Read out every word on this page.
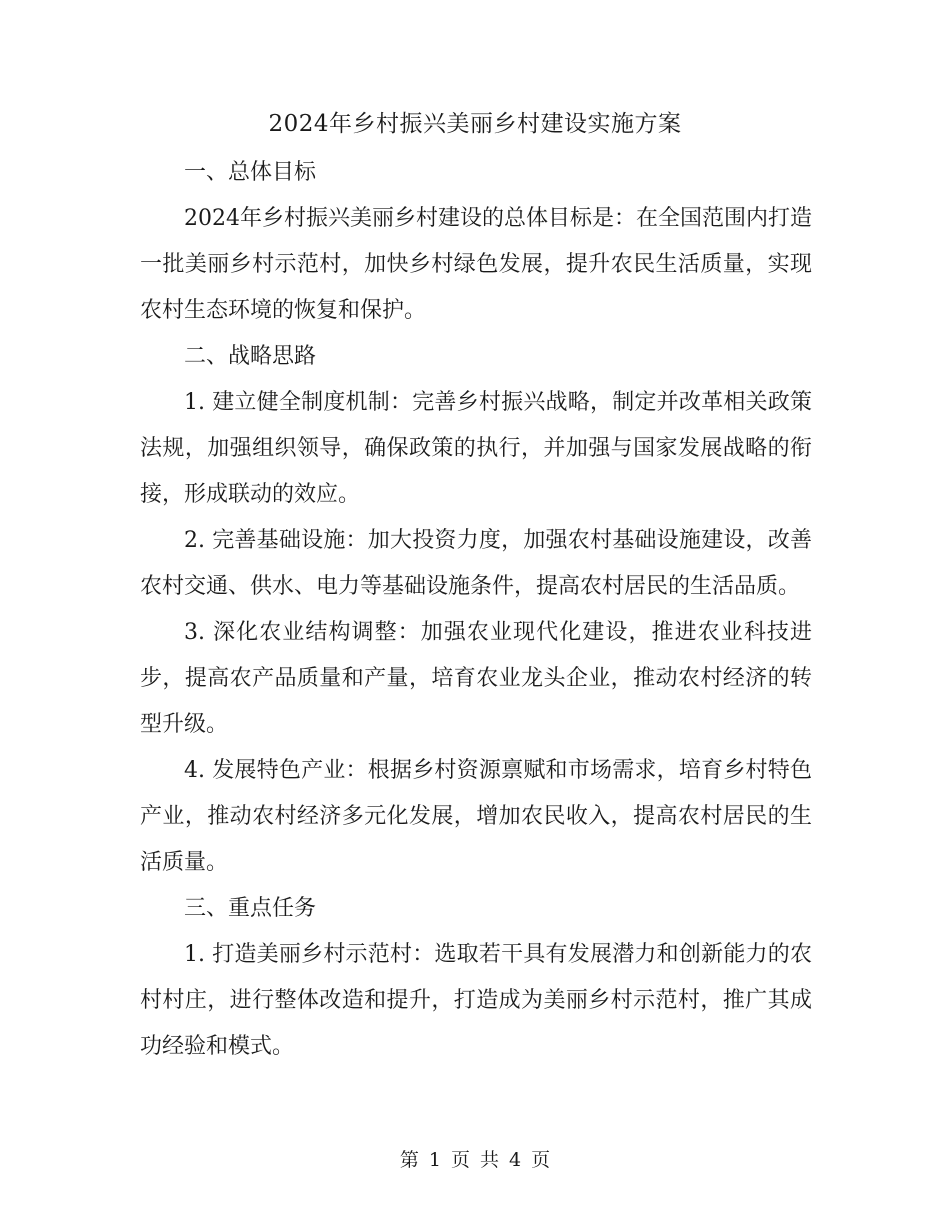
2024年乡村振兴美丽乡村建设实施方案

一、总体目标

2024年乡村振兴美丽乡村建设的总体目标是：在全国范围内打造一批美丽乡村示范村，加快乡村绿色发展，提升农民生活质量，实现农村生态环境的恢复和保护。

二、战略思路

1. 建立健全制度机制：完善乡村振兴战略，制定并改革相关政策法规，加强组织领导，确保政策的执行，并加强与国家发展战略的衔接，形成联动的效应。

2. 完善基础设施：加大投资力度，加强农村基础设施建设，改善农村交通、供水、电力等基础设施条件，提高农村居民的生活品质。

3. 深化农业结构调整：加强农业现代化建设，推进农业科技进步，提高农产品质量和产量，培育农业龙头企业，推动农村经济的转型升级。

4. 发展特色产业：根据乡村资源禀赋和市场需求，培育乡村特色产业，推动农村经济多元化发展，增加农民收入，提高农村居民的生活质量。

三、重点任务

1. 打造美丽乡村示范村：选取若干具有发展潜力和创新能力的农村村庄，进行整体改造和提升，打造成为美丽乡村示范村，推广其成功经验和模式。

第 1 页 共 4 页
